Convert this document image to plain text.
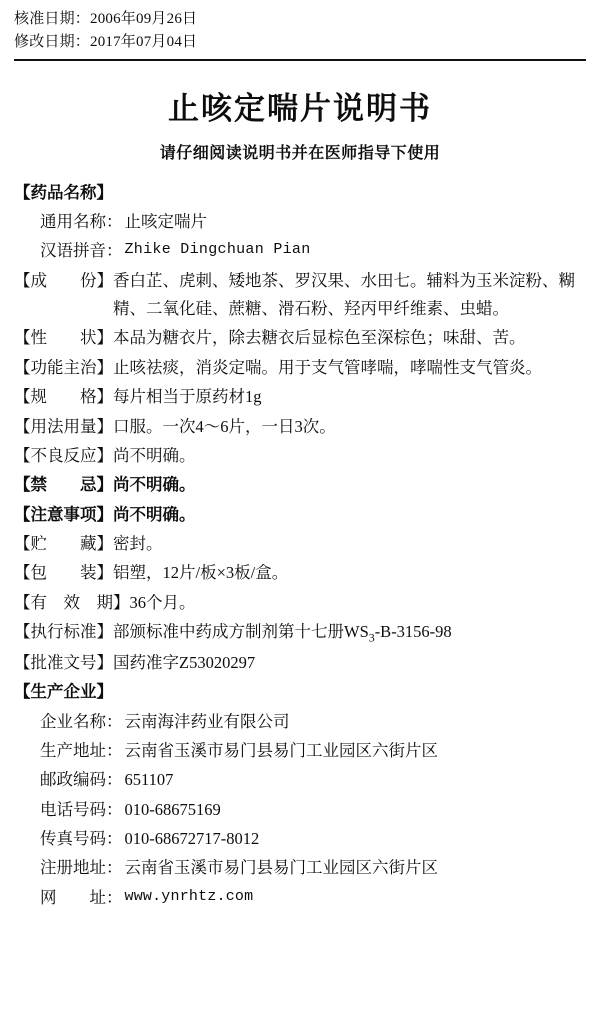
核准日期：2006年09月26日
修改日期：2017年07月04日
止咳定喘片说明书
请仔细阅读说明书并在医师指导下使用
【药品名称】
通用名称： 止咳定喘片
汉语拼音： Zhike Dingchuan Pian
【成　　份】 香白芷、虎刺、矮地茶、罗汉果、水田七。辅料为玉米淀粉、糊精、二氧化硅、蔗糖、滑石粉、羟丙甲纤维素、虫蜡。
【性　　状】 本品为糖衣片，除去糖衣后显棕色至深棕色；味甜、苦。
【功能主治】 止咳祛痰，消炎定喘。用于支气管哮喘，哮喘性支气管炎。
【规　　格】 每片相当于原药材1g
【用法用量】 口服。一次4～6片，一日3次。
【不良反应】 尚不明确。
【禁　　忌】 尚不明确。
【注意事项】 尚不明确。
【贮　　藏】 密封。
【包　　装】 铝塑，12片/板×3板/盒。
【有　效　期】 36个月。
【执行标准】 部颁标准中药成方制剂第十七册$WS_3-B-3156-98$
【批准文号】 国药准字Z53020297
【生产企业】
企业名称： 云南海沣药业有限公司
生产地址： 云南省玉溪市易门县易门工业园区六街片区
邮政编码： 651107
电话号码： 010-68675169
传真号码： 010-68672717-8012
注册地址： 云南省玉溪市易门县易门工业园区六街片区
网　　址： www.ynrhtz.com
